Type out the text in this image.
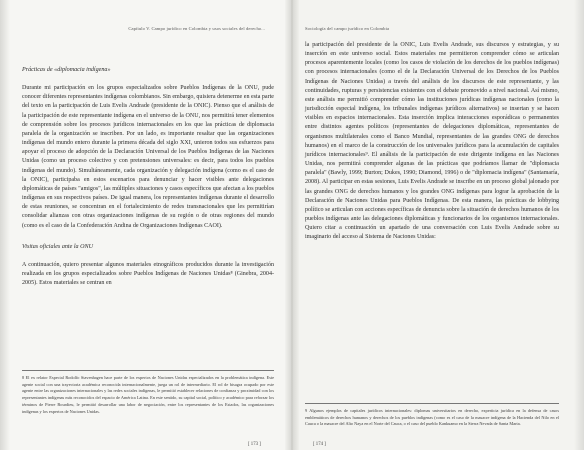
Capítulo V. Campo jurídico en Colombia y usos sociales del derecho...

Prácticas de «diplomacia indígena»

Durante mi participación en los grupos especializados sobre Pueblos Indígenas de la ONU, pude conocer diferentes representantes indígenas colombianos. Sin embargo, quisiera detenerme en esta parte del texto en la participación de Luis Evelis Andrade (presidente de la ONIC). Pienso que el análisis de la participación de este representante indígena en el universo de la ONU, nos permitirá tener elementos de comprensión sobre los procesos jurídicos internacionales en los que las prácticas de diplomacia paralela de la organización se inscriben. Por un lado, es importante resaltar que las organizaciones indígenas del mundo entero durante la primera década del siglo XXI, unieron todos sus esfuerzos para apoyar el proceso de adopción de la Declaración Universal de los Pueblos Indígenas de las Naciones Unidas (como un proceso colectivo y con pretensiones universales: es decir, para todos los pueblos indígenas del mundo). Simultáneamente, cada organización y delegación indígena (como es el caso de la ONIC), participaba en estos escenarios para denunciar y hacer visibles ante delegaciones diplomáticas de países "amigos", las múltiples situaciones y casos específicos que afectan a los pueblos indígenas en sus respectivos países. De igual manera, los representantes indígenas durante el desarrollo de estas reuniones, se concentran en el fortalecimiento de redes transnacionales que les permitirían consolidar alianzas con otras organizaciones indígenas de su región o de otras regiones del mundo (como es el caso de la Confederación Andina de Organizaciones Indígenas CAOI).

Visitas oficiales ante la ONU

A continuación, quiero presentar algunos materiales etnográficos producidos durante la investigación realizada en los grupos especializados sobre Pueblos Indígenas de Naciones Unidas⁸ (Ginebra, 2004-2005). Estos materiales se centran en

8 El ex relator Especial Rodolfo Stavenhagen hace parte de los expertos de Naciones Unidas especializados en la problemática indígena. Este agente social con una trayectoria académica reconocida internacionalmente, juega un rol de intermediario. El rol de bisagra ocupado por este agente entre las organizaciones internacionales y las redes sociales indígenas, le permitió establecer relaciones de confianza y proximidad con los representantes indígenas más reconocidos del espacio de América Latina. En este sentido, su capital social, político y académico para reforzar los términos de Pierre Bourdieu, le permitió desarrollar una labor de negociación, entre los representantes de los Estados, las organizaciones indígenas y los expertos de Naciones Unidas.
[ 173 ]
Sociología del campo jurídico en Colombia

la participación del presidente de la ONIC, Luis Evelis Andrade, sus discursos y estrategias, y su inserción en este universo social. Estos materiales me permitieron comprender cómo se articulan procesos aparentemente locales (como los casos de violación de los derechos de los pueblos indígenas) con procesos internacionales (como el de la Declaración Universal de los Derechos de los Pueblos Indígenas de Naciones Unidas) a través del análisis de los discursos de este representante, y las continuidades, rupturas y persistencias existentes con el debate promovido a nivel nacional. Así mismo, este análisis me permitió comprender cómo las instituciones jurídicas indígenas nacionales (como la jurisdicción especial indígena, los tribunales indígenas jurídicos alternativos) se insertan y se hacen visibles en espacios internacionales. Esta inserción implica interacciones esporádicas o permanentes entre distintos agentes políticos (representantes de delegaciones diplomáticas, representantes de organismos multilaterales como el Banco Mundial, representantes de las grandes ONG de derechos humanos) en el marco de la construcción de los universales jurídicos para la acumulación de capitales jurídicos internacionales⁹. El análisis de la participación de este dirigente indígena en las Naciones Unidas, nos permitirá comprender algunas de las prácticas que podríamos llamar de "diplomacia paralela" (Bawly, 1999; Burton; Dukes, 1990; Diamond, 1996) o de "diplomacia indígena" (Santamaría, 2008). Al participar en estas sesiones, Luis Evelis Andrade se inscribe en un proceso global jalonado por las grandes ONG de derechos humanos y los grandes ONG indígenas para lograr la aprobación de la Declaración de Naciones Unidas para Pueblos Indígenas. De esta manera, las prácticas de lobbying político se articulan con acciones específicas de denuncia sobre la situación de derechos humanos de los pueblos indígenas ante las delegaciones diplomáticas y funcionarios de los organismos internacionales. Quiero citar a continuación un apartado de una conversación con Luis Evelis Andrade sobre su imaginario del acceso al Sistema de Naciones Unidas:

9 Algunos ejemplos de capitales jurídicos internacionales: diplomas universitarios en derecho, experticia jurídica en la defensa de casos emblemáticos de derechos humanos y derechos de los pueblos indígenas (como es el caso de la masacre indígena de la Hacienda del Nilo en el Cauca o la masacre del Alto Naya en el Norte del Cauca, o el caso del pueblo Kankuamo en la Sierra Nevada de Santa Marta.
[ 174 ]
